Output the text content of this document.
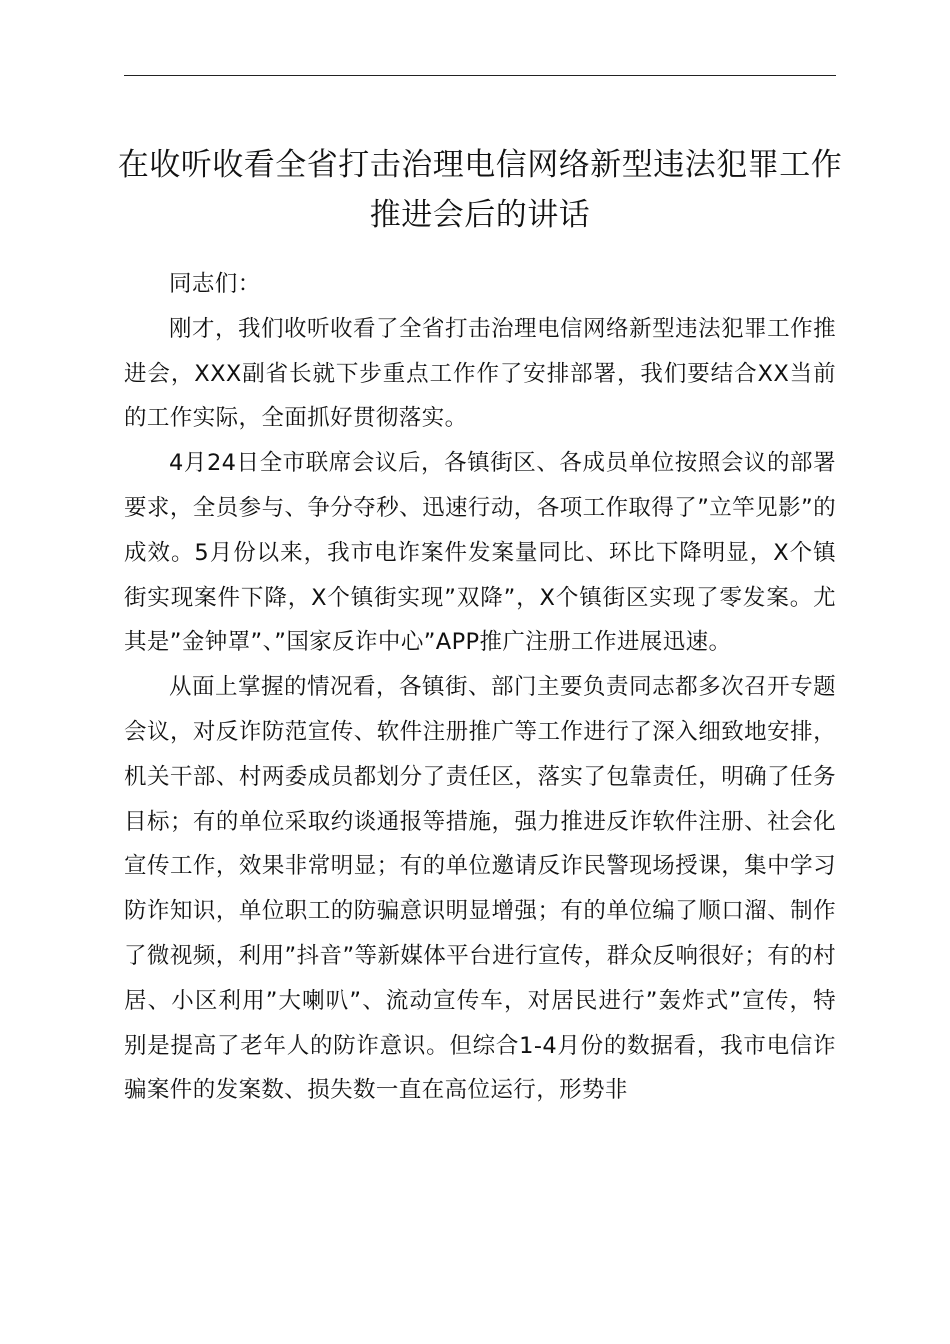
在收听收看全省打击治理电信网络新型违法犯罪工作推进会后的讲话

同志们：

刚才，我们收听收看了全省打击治理电信网络新型违法犯罪工作推进会，XXX副省长就下步重点工作作了安排部署，我们要结合XX当前的工作实际，全面抓好贯彻落实。

4月24日全市联席会议后，各镇街区、各成员单位按照会议的部署要求，全员参与、争分夺秒、迅速行动，各项工作取得了”立竿见影”的成效。5月份以来，我市电诈案件发案量同比、环比下降明显，X个镇街实现案件下降，X个镇街实现”双降”，X个镇街区实现了零发案。尤其是”金钟罩”、”国家反诈中心”APP推广注册工作进展迅速。

从面上掌握的情况看，各镇街、部门主要负责同志都多次召开专题会议，对反诈防范宣传、软件注册推广等工作进行了深入细致地安排，机关干部、村两委成员都划分了责任区，落实了包靠责任，明确了任务目标；有的单位采取约谈通报等措施，强力推进反诈软件注册、社会化宣传工作，效果非常明显；有的单位邀请反诈民警现场授课，集中学习防诈知识，单位职工的防骗意识明显增强；有的单位编了顺口溜、制作了微视频，利用”抖音”等新媒体平台进行宣传，群众反响很好；有的村居、小区利用”大喇叭”、流动宣传车，对居民进行”轰炸式”宣传，特别是提高了老年人的防诈意识。但综合1-4月份的数据看，我市电信诈骗案件的发案数、损失数一直在高位运行，形势非
